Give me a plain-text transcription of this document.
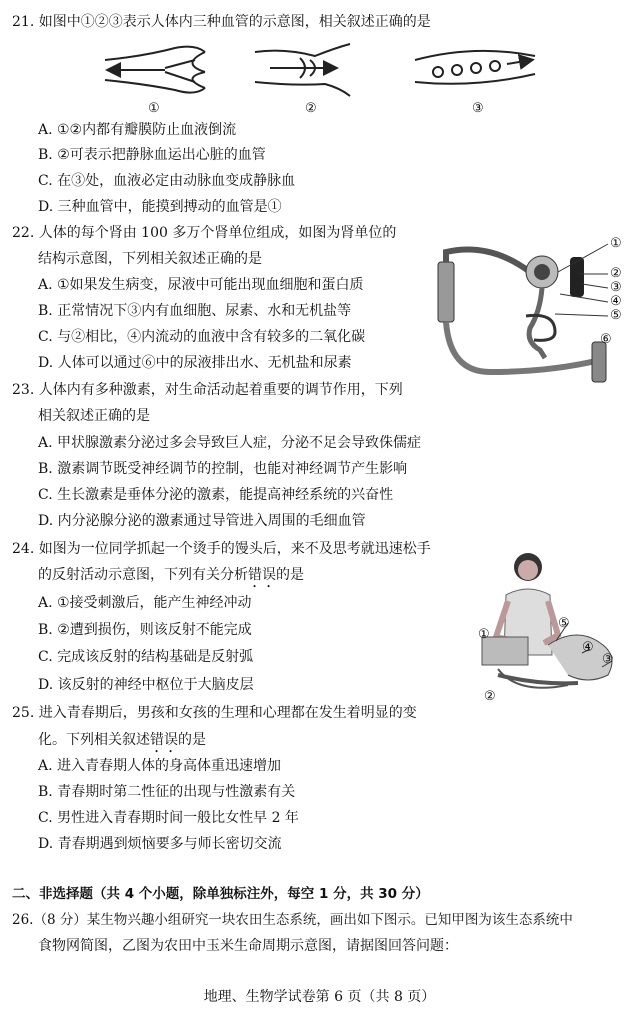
21. 如图中①②③表示人体内三种血管的示意图，相关叙述正确的是
①	②	③
A. ①②内都有瓣膜防止血液倒流
B. ②可表示把静脉血运出心脏的血管
C. 在③处，血液必定由动脉血变成静脉血
D. 三种血管中，能摸到搏动的血管是①
22. 人体的每个肾由 100 多万个肾单位组成，如图为肾单位的
结构示意图，下列相关叙述正确的是
A. ①如果发生病变，尿液中可能出现血细胞和蛋白质
B. 正常情况下③内有血细胞、尿素、水和无机盐等
C. 与②相比，④内流动的血液中含有较多的二氧化碳
D. 人体可以通过⑥中的尿液排出水、无机盐和尿素
①
②
③
④
⑤
⑥
23. 人体内有多种激素，对生命活动起着重要的调节作用，下列
相关叙述正确的是
A. 甲状腺激素分泌过多会导致巨人症，分泌不足会导致侏儒症
B. 激素调节既受神经调节的控制，也能对神经调节产生影响
C. 生长激素是垂体分泌的激素，能提高神经系统的兴奋性
D. 内分泌腺分泌的激素通过导管进入周围的毛细血管
24. 如图为一位同学抓起一个烫手的馒头后，来不及思考就迅速松手
的反射活动示意图，下列有关分析错误的是
A. ①接受刺激后，能产生神经冲动
B. ②遭到损伤，则该反射不能完成
C. 完成该反射的结构基础是反射弧
D. 该反射的神经中枢位于大脑皮层
①
②
③
④
⑤
25. 进入青春期后，男孩和女孩的生理和心理都在发生着明显的变
化。下列相关叙述错误的是
A. 进入青春期人体的身高体重迅速增加
B. 青春期时第二性征的出现与性激素有关
C. 男性进入青春期时间一般比女性早 2 年
D. 青春期遇到烦恼要多与师长密切交流
二、非选择题（共 4 个小题，除单独标注外，每空 1 分，共 30 分）
26.（8 分）某生物兴趣小组研究一块农田生态系统，画出如下图示。已知甲图为该生态系统中
食物网简图，乙图为农田中玉米生命周期示意图，请据图回答问题：
地理、生物学试卷第 6 页（共 8 页）
